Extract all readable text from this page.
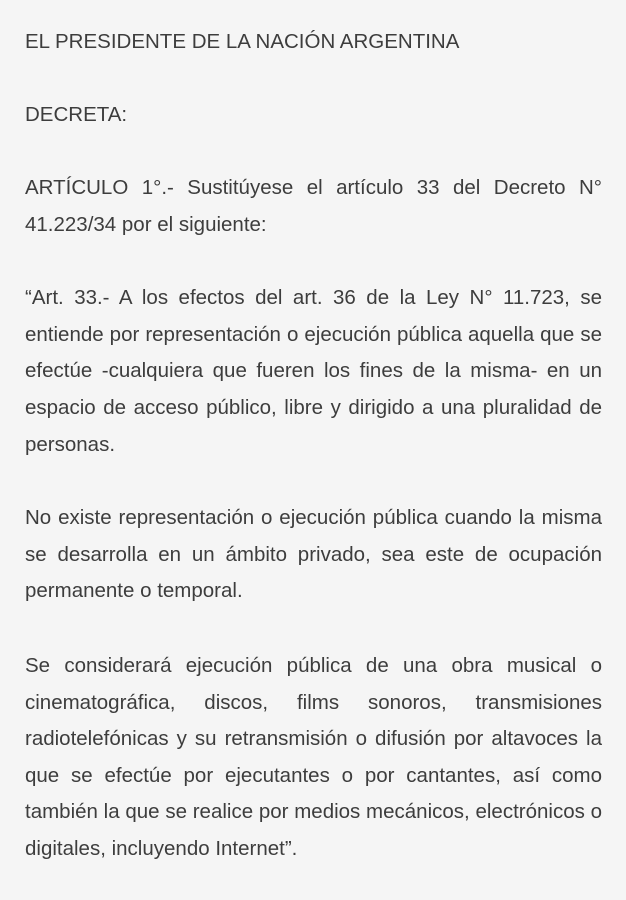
EL PRESIDENTE DE LA NACIÓN ARGENTINA

DECRETA:

ARTÍCULO 1°.- Sustitúyese el artículo 33 del Decreto N° 41.223/34 por el siguiente:

“Art. 33.- A los efectos del art. 36 de la Ley N° 11.723, se entiende por representación o ejecución pública aquella que se efectúe -cualquiera que fueren los fines de la misma- en un espacio de acceso público, libre y dirigido a una pluralidad de personas.

No existe representación o ejecución pública cuando la misma se desarrolla en un ámbito privado, sea este de ocupación permanente o temporal.

Se considerará ejecución pública de una obra musical o cinematográfica, discos, films sonoros, transmisiones radiotelefónicas y su retransmisión o difusión por altavoces la que se efectúe por ejecutantes o por cantantes, así como también la que se realice por medios mecánicos, electrónicos o digitales, incluyendo Internet”.
